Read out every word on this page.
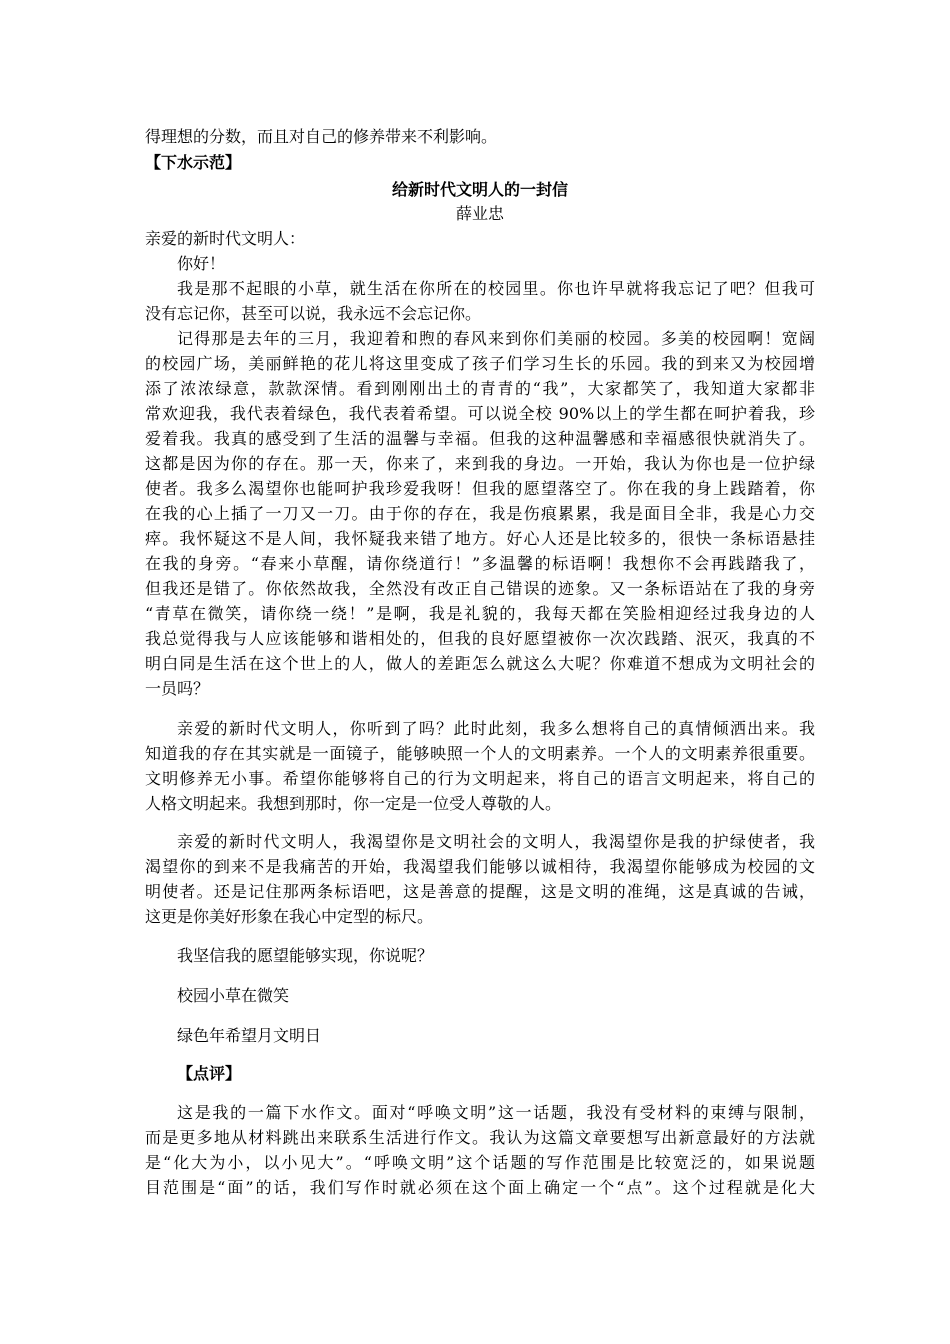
得理想的分数，而且对自己的修养带来不利影响。
【下水示范】
给新时代文明人的一封信
薛业忠
亲爱的新时代文明人：
你好！
我是那不起眼的小草，就生活在你所在的校园里。你也许早就将我忘记了吧？但我可
没有忘记你，甚至可以说，我永远不会忘记你。
记得那是去年的三月，我迎着和煦的春风来到你们美丽的校园。多美的校园啊！宽阔
的校园广场，美丽鲜艳的花儿将这里变成了孩子们学习生长的乐园。我的到来又为校园增
添了浓浓绿意，款款深情。看到刚刚出土的青青的“我”，大家都笑了，我知道大家都非
常欢迎我，我代表着绿色，我代表着希望。可以说全校 90%以上的学生都在呵护着我，珍
爱着我。我真的感受到了生活的温馨与幸福。但我的这种温馨感和幸福感很快就消失了。
这都是因为你的存在。那一天，你来了，来到我的身边。一开始，我认为你也是一位护绿
使者。我多么渴望你也能呵护我珍爱我呀！但我的愿望落空了。你在我的身上践踏着，你
在我的心上插了一刀又一刀。由于你的存在，我是伤痕累累，我是面目全非，我是心力交
瘁。我怀疑这不是人间，我怀疑我来错了地方。好心人还是比较多的，很快一条标语悬挂
在我的身旁。“春来小草醒，请你绕道行！”多温馨的标语啊！我想你不会再践踏我了，
但我还是错了。你依然故我，全然没有改正自己错误的迹象。又一条标语站在了我的身旁
“青草在微笑，请你绕一绕！”是啊，我是礼貌的，我每天都在笑脸相迎经过我身边的人
我总觉得我与人应该能够和谐相处的，但我的良好愿望被你一次次践踏、泯灭，我真的不
明白同是生活在这个世上的人，做人的差距怎么就这么大呢？你难道不想成为文明社会的
一员吗？
亲爱的新时代文明人，你听到了吗？此时此刻，我多么想将自己的真情倾洒出来。我
知道我的存在其实就是一面镜子，能够映照一个人的文明素养。一个人的文明素养很重要。
文明修养无小事。希望你能够将自己的行为文明起来，将自己的语言文明起来，将自己的
人格文明起来。我想到那时，你一定是一位受人尊敬的人。
亲爱的新时代文明人，我渴望你是文明社会的文明人，我渴望你是我的护绿使者，我
渴望你的到来不是我痛苦的开始，我渴望我们能够以诚相待，我渴望你能够成为校园的文
明使者。还是记住那两条标语吧，这是善意的提醒，这是文明的准绳，这是真诚的告诫，
这更是你美好形象在我心中定型的标尺。
我坚信我的愿望能够实现，你说呢？
校园小草在微笑
绿色年希望月文明日
【点评】
这是我的一篇下水作文。面对“呼唤文明”这一话题，我没有受材料的束缚与限制，
而是更多地从材料跳出来联系生活进行作文。我认为这篇文章要想写出新意最好的方法就
是“化大为小，以小见大”。“呼唤文明”这个话题的写作范围是比较宽泛的，如果说题
目范围是“面”的话，我们写作时就必须在这个面上确定一个“点”。这个过程就是化大
